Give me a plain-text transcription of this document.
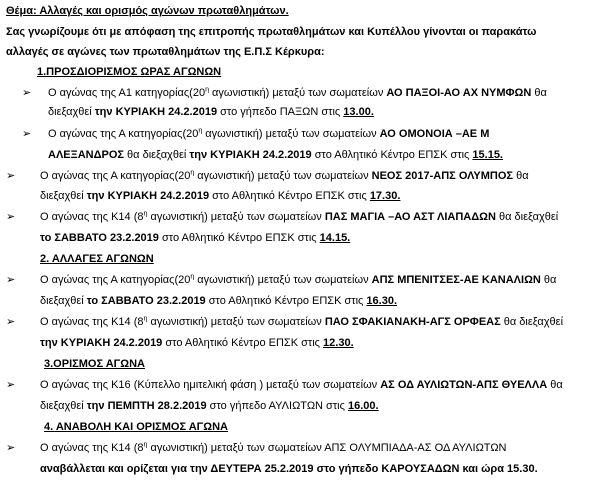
Θέμα: Αλλαγές και ορισμός αγώνων πρωταθλημάτων.
Σας γνωρίζουμε ότι με απόφαση της επιτροπής πρωταθλημάτων και Κυπέλλου γίνονται οι παρακάτω
αλλαγές σε αγώνες των πρωταθλημάτων της Ε.Π.Σ Κέρκυρα:
1.ΠΡΟΣΔΙΟΡΙΣΜΟΣ ΩΡΑΣ ΑΓΩΝΩΝ
➢ Ο αγώνας της Α1 $\kappa\alpha\tau\eta\gamma o\rho ί\alpha\varsigma(20^\eta$ αγωνιστική) μεταξύ των σωματείων ΑΟ ΠΑΞΟΙ-ΑΟ ΑΧ ΝΥΜΦΩΝ θα
διεξαχθεί την ΚΥΡΙΑΚΗ 24.2.2019 στο γήπεδο ΠΑΞΩΝ στις 13.00.
➢ Ο αγώνας της Α $\kappa\alpha\tau\eta\gamma o\rho ί\alpha\varsigma(20^\eta$ αγωνιστική) μεταξύ των σωματείων ΑΟ ΟΜΟΝΟΙΑ –ΑΕ Μ
ΑΛΕΞΑΝΔΡΟΣ θα διεξαχθεί την ΚΥΡΙΑΚΗ 24.2.2019 στο Αθλητικό Κέντρο ΕΠΣΚ στις 15.15.
➢ Ο αγώνας της Α $\kappa\alpha\tau\eta\gamma o\rho ί\alpha\varsigma(20^\eta$ αγωνιστική) μεταξύ των σωματείων ΝΕΟΣ 2017-ΑΠΣ ΟΛΥΜΠΟΣ θα
διεξαχθεί την ΚΥΡΙΑΚΗ 24.2.2019 στο Αθλητικό Κέντρο ΕΠΣΚ στις 17.30.
➢ Ο αγώνας της Κ14 ($8^\eta$ αγωνιστική) μεταξύ των σωματείων ΠΑΣ ΜΑΓΙΑ –ΑΟ ΑΣΤ ΛΙΑΠΑΔΩΝ θα διεξαχθεί
το ΣΑΒΒΑΤΟ 23.2.2019 στο Αθλητικό Κέντρο ΕΠΣΚ στις 14.15.
2. ΑΛΛΑΓΕΣ ΑΓΩΝΩΝ
➢ Ο αγώνας της Α $\kappa\alpha\tau\eta\gamma o\rho ί\alpha\varsigma(20^\eta$ αγωνιστική) μεταξύ των σωματείων ΑΠΣ ΜΠΕΝΙΤΣΕΣ-ΑΕ ΚΑΝΑΛΙΩΝ θα
διεξαχθεί το ΣΑΒΒΑΤΟ 23.2.2019 στο Αθλητικό Κέντρο ΕΠΣΚ στις 16.30.
➢ Ο αγώνας της Κ14 ($8^\eta$ αγωνιστική) μεταξύ των σωματείων ΠΑΟ ΣΦΑΚΙΑΝΑΚΗ-ΑΓΣ ΟΡΦΕΑΣ θα διεξαχθεί
την ΚΥΡΙΑΚΗ 24.2.2019 στο Αθλητικό Κέντρο ΕΠΣΚ στις 12.30.
3.ΟΡΙΣΜΟΣ ΑΓΩΝΑ
➢ Ο αγώνας της Κ16 (Κύπελλο ημιτελική φάση ) μεταξύ των σωματείων ΑΣ ΟΔ ΑΥΛΙΩΤΩΝ-ΑΠΣ ΘΥΕΛΛΑ θα
διεξαχθεί την ΠΕΜΠΤΗ 28.2.2019 στο γήπεδο ΑΥΛΙΩΤΩΝ στις 16.00.
4. ΑΝΑΒΟΛΗ ΚΑΙ ΟΡΙΣΜΟΣ ΑΓΩΝΑ
➢ Ο αγώνας της Κ14 ($8^\eta$ αγωνιστική) μεταξύ των σωματείων ΑΠΣ ΟΛΥΜΠΙΑΔΑ-ΑΣ ΟΔ ΑΥΛΙΩΤΩΝ
αναβάλλεται και ορίζεται για την ΔΕΥΤΕΡΑ 25.2.2019 στο γήπεδο ΚΑΡΟΥΣΑΔΩΝ και ώρα 15.30.
